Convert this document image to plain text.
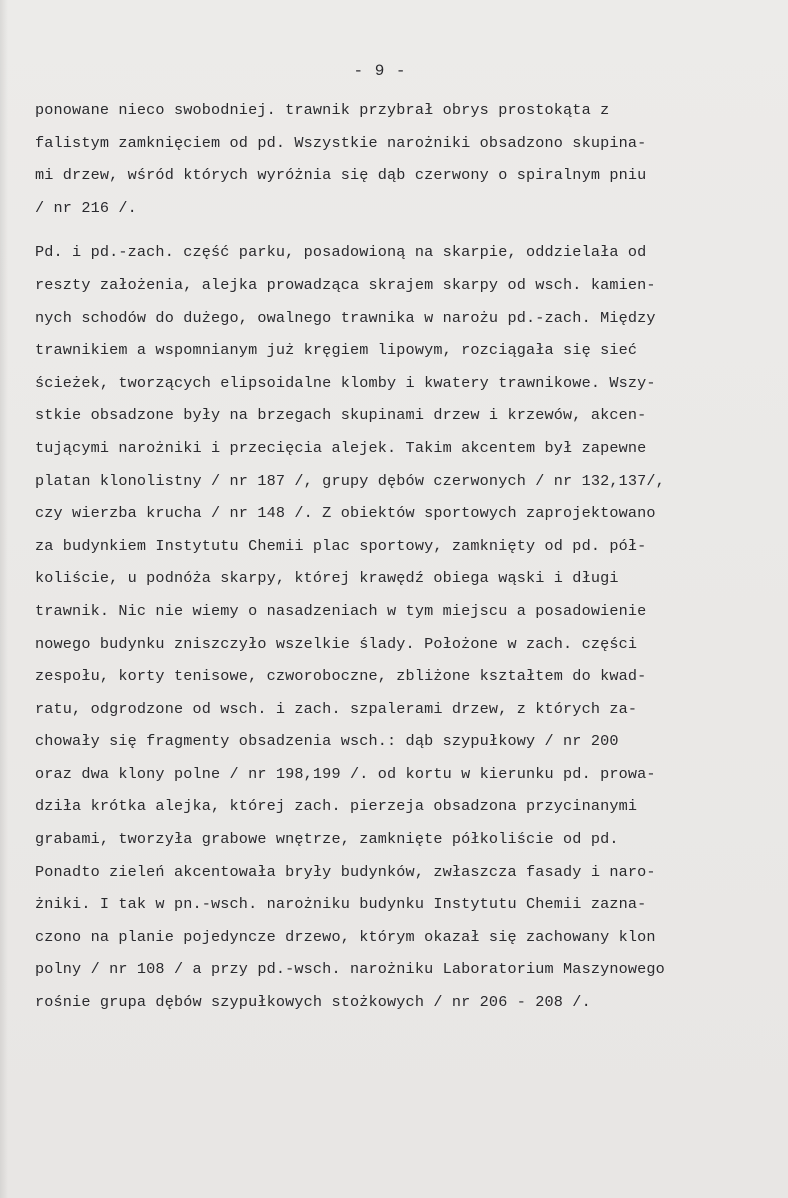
- 9 -
ponowane nieco swobodniej. trawnik przybrał obrys prostokąta z
falistym zamknięciem od pd. Wszystkie narożniki obsadzono skupina-
mi drzew, wśród których wyróżnia się dąb czerwony o spiralnym pniu
/ nr 216 /.
Pd. i pd.-zach. część parku, posadowioną na skarpie, oddzielała od
reszty założenia, alejka prowadząca skrajem skarpy od wsch. kamien-
nych schodów do dużego, owalnego trawnika w narożu pd.-zach. Między
trawnikiem a wspomnianym już kręgiem lipowym, rozciągała się sieć
ścieżek, tworzących elipsoidalne klomby i kwatery trawnikowe. Wszy-
stkie obsadzone były na brzegach skupinami drzew i krzewów, akcen-
tującymi narożniki i przecięcia alejek. Takim akcentem był zapewne
platan klonolistny / nr 187 /, grupy dębów czerwonych / nr 132,137/,
czy wierzba krucha / nr 148 /. Z obiektów sportowych zaprojektowano
za budynkiem Instytutu Chemii plac sportowy, zamknięty od pd. pół-
koliście, u podnóża skarpy, której krawędź obiega wąski i długi
trawnik. Nic nie wiemy o nasadzeniach w tym miejscu a posadowienie
nowego budynku zniszczyło wszelkie ślady. Położone w zach. części
zespołu, korty tenisowe, czworoboczne, zbliżone kształtem do kwad-
ratu, odgrodzone od wsch. i zach. szpalerami drzew, z których za-
chowały się fragmenty obsadzenia wsch.: dąb szypułkowy / nr 200
oraz dwa klony polne / nr 198,199 /. od kortu w kierunku pd. prowa-
dziła krótka alejka, której zach. pierzeja obsadzona przycinanymi
grabami, tworzyła grabowe wnętrze, zamknięte półkoliście od pd.
Ponadto zieleń akcentowała bryły budynków, zwłaszcza fasady i naro-
żniki. I tak w pn.-wsch. narożniku budynku Instytutu Chemii zazna-
czono na planie pojedyncze drzewo, którym okazał się zachowany klon
polny / nr 108 / a przy pd.-wsch. narożniku Laboratorium Maszynowego
rośnie grupa dębów szypułkowych stożkowych / nr 206 - 208 /.
